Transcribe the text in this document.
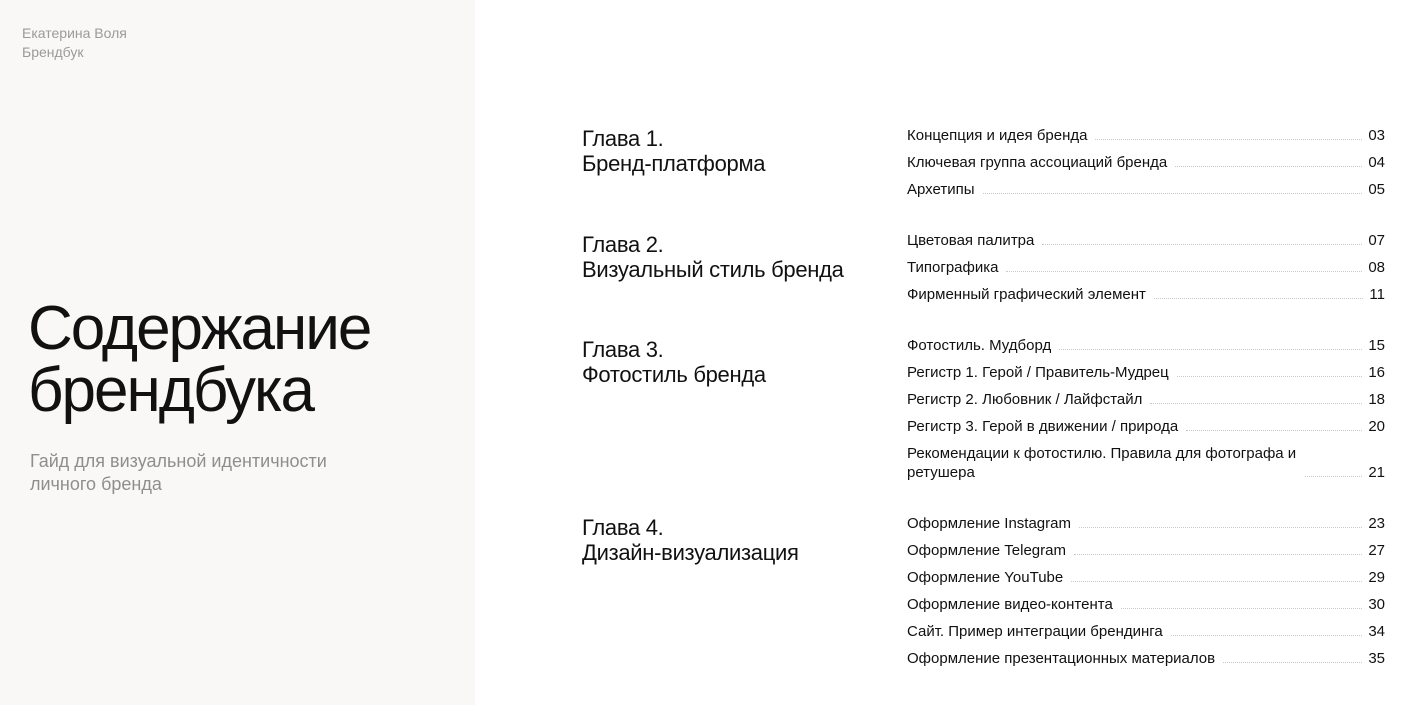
Екатерина Воля
Брендбук
Содержание
брендбука
Гайд для визуальной идентичности
личного бренда
Глава 1.
Бренд-платформа
Концепция и идея бренда	03
Ключевая группа ассоциаций бренда	04
Архетипы	05
Глава 2.
Визуальный стиль бренда
Цветовая палитра	07
Типографика	08
Фирменный графический элемент	11
Глава 3.
Фотостиль бренда
Фотостиль. Мудборд	15
Регистр 1. Герой / Правитель-Мудрец	16
Регистр 2. Любовник / Лайфстайл	18
Регистр 3. Герой в движении / природа	20
Рекомендации к фотостилю. Правила для фотографа и ретушера	21
Глава 4.
Дизайн-визуализация
Оформление Instagram	23
Оформление Telegram	27
Оформление YouTube	29
Оформление видео-контента	30
Сайт. Пример интеграции брендинга	34
Оформление презентационных материалов	35
